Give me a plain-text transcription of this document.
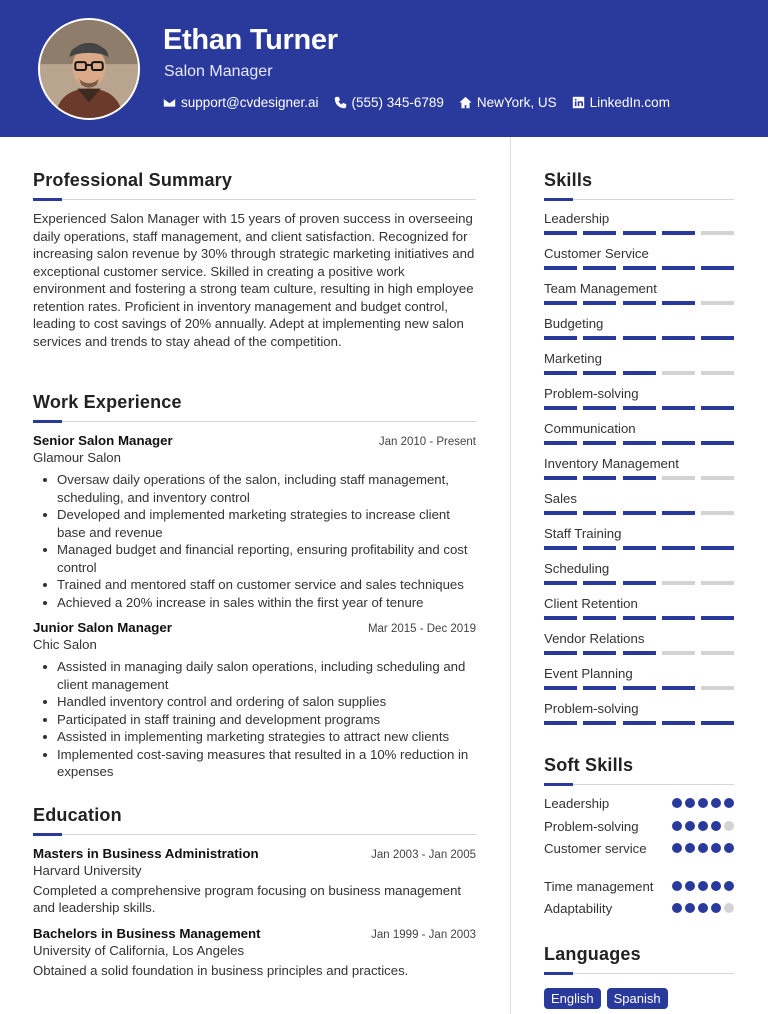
Ethan Turner
Salon Manager
support@cvdesigner.ai (555) 345-6789 NewYork, US LinkedIn.com
Professional Summary
Experienced Salon Manager with 15 years of proven success in overseeing daily operations, staff management, and client satisfaction. Recognized for increasing salon revenue by 30% through strategic marketing initiatives and exceptional customer service. Skilled in creating a positive work environment and fostering a strong team culture, resulting in high employee retention rates. Proficient in inventory management and budget control, leading to cost savings of 20% annually. Adept at implementing new salon services and trends to stay ahead of the competition.
Work Experience
Senior Salon Manager	Jan 2010 - Present
Glamour Salon
Oversaw daily operations of the salon, including staff management, scheduling, and inventory control
Developed and implemented marketing strategies to increase client base and revenue
Managed budget and financial reporting, ensuring profitability and cost control
Trained and mentored staff on customer service and sales techniques
Achieved a 20% increase in sales within the first year of tenure
Junior Salon Manager	Mar 2015 - Dec 2019
Chic Salon
Assisted in managing daily salon operations, including scheduling and client management
Handled inventory control and ordering of salon supplies
Participated in staff training and development programs
Assisted in implementing marketing strategies to attract new clients
Implemented cost-saving measures that resulted in a 10% reduction in expenses
Education
Masters in Business Administration	Jan 2003 - Jan 2005
Harvard University
Completed a comprehensive program focusing on business management and leadership skills.
Bachelors in Business Management	Jan 1999 - Jan 2003
University of California, Los Angeles
Obtained a solid foundation in business principles and practices.
Skills
Leadership
Customer Service
Team Management
Budgeting
Marketing
Problem-solving
Communication
Inventory Management
Sales
Staff Training
Scheduling
Client Retention
Vendor Relations
Event Planning
Problem-solving
Soft Skills
Leadership
Problem-solving
Customer service
Time management
Adaptability
Languages
English	Spanish
